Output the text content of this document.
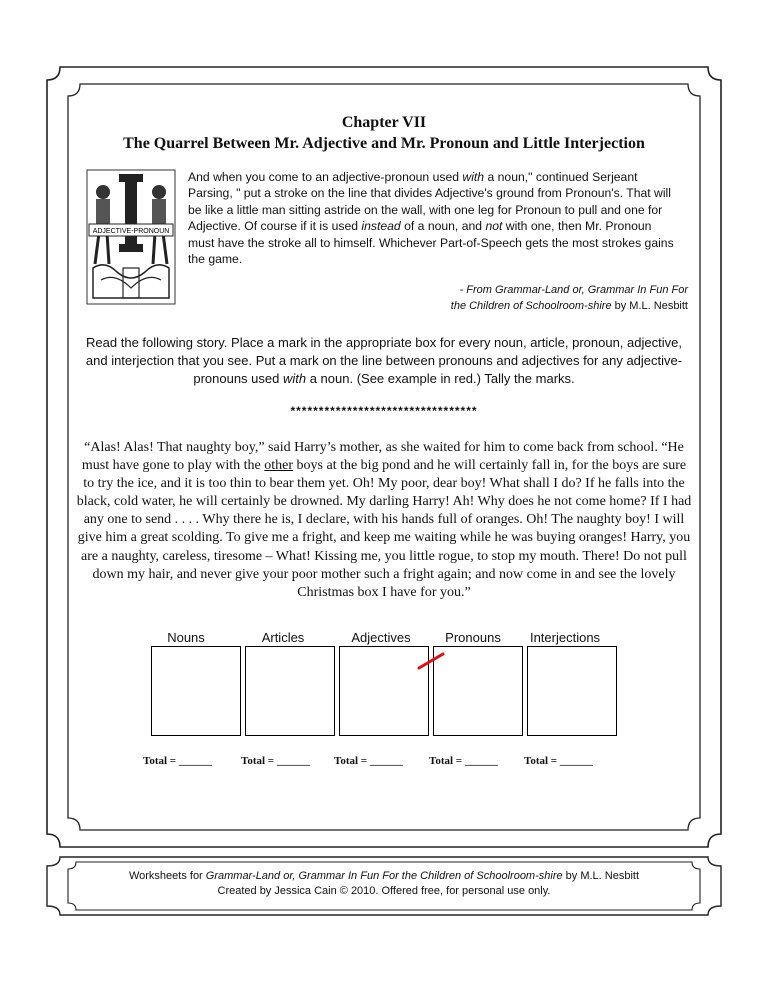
Chapter VII
The Quarrel Between Mr. Adjective and Mr. Pronoun and Little Interjection
ADJECTIVE-PRONOUN
And when you come to an adjective-pronoun used with a noun," continued Serjeant Parsing, " put a stroke on the line that divides Adjective's ground from Pronoun's. That will be like a little man sitting astride on the wall, with one leg for Pronoun to pull and one for Adjective. Of course if it is used instead of a noun, and not with one, then Mr. Pronoun must have the stroke all to himself. Whichever Part-of-Speech gets the most strokes gains the game.
- From Grammar-Land or, Grammar In Fun For
the Children of Schoolroom-shire by M.L. Nesbitt
Read the following story. Place a mark in the appropriate box for every noun, article, pronoun, adjective, and interjection that you see. Put a mark on the line between pronouns and adjectives for any adjective-pronouns used with a noun. (See example in red.) Tally the marks.
*********************************
“Alas! Alas! That naughty boy,” said Harry’s mother, as she waited for him to come back from school. “He must have gone to play with the other boys at the big pond and he will certainly fall in, for the boys are sure to try the ice, and it is too thin to bear them yet. Oh! My poor, dear boy! What shall I do? If he falls into the black, cold water, he will certainly be drowned. My darling Harry! Ah! Why does he not come home? If I had any one to send . . . . Why there he is, I declare, with his hands full of oranges. Oh! The naughty boy! I will give him a great scolding. To give me a fright, and keep me waiting while he was buying oranges! Harry, you are a naughty, careless, tiresome – What! Kissing me, you little rogue, to stop my mouth. There! Do not pull down my hair, and never give your poor mother such a fright again; and now come in and see the lovely Christmas box I have for you.”
Nouns	Articles	Adjectives	Pronouns	Interjections
Total = ______	Total = ______ Total = ______ Total = ______ Total = ______
Worksheets for Grammar-Land or, Grammar In Fun For the Children of Schoolroom-shire by M.L. Nesbitt
Created by Jessica Cain © 2010. Offered free, for personal use only.
